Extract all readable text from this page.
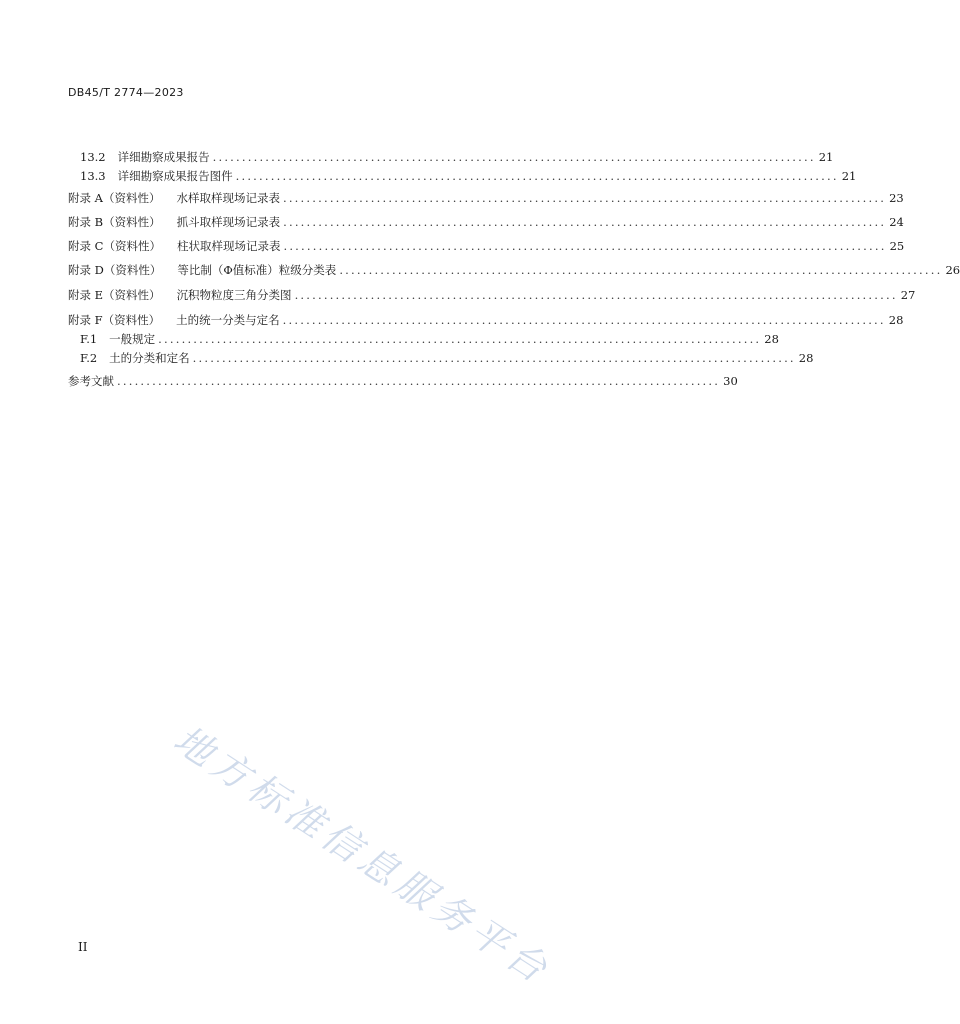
DB45/T 2774—2023
13.2 详细勘察成果报告 ....................................................................................................... 21
13.3 详细勘察成果报告图件 ....................................................................................................... 21
附录 A（资料性） 水样取样现场记录表 ....................................................................................................... 23
附录 B（资料性） 抓斗取样现场记录表 ....................................................................................................... 24
附录 C（资料性） 柱状取样现场记录表 ....................................................................................................... 25
附录 D（资料性） 等比制（Φ值标准）粒级分类表 ....................................................................................................... 26
附录 E（资料性） 沉积物粒度三角分类图 ....................................................................................................... 27
附录 F（资料性） 土的统一分类与定名 ....................................................................................................... 28
F.1 一般规定 ....................................................................................................... 28
F.2 土的分类和定名 ....................................................................................................... 28
参考文献 ....................................................................................................... 30
地方标准信息服务平台
II
